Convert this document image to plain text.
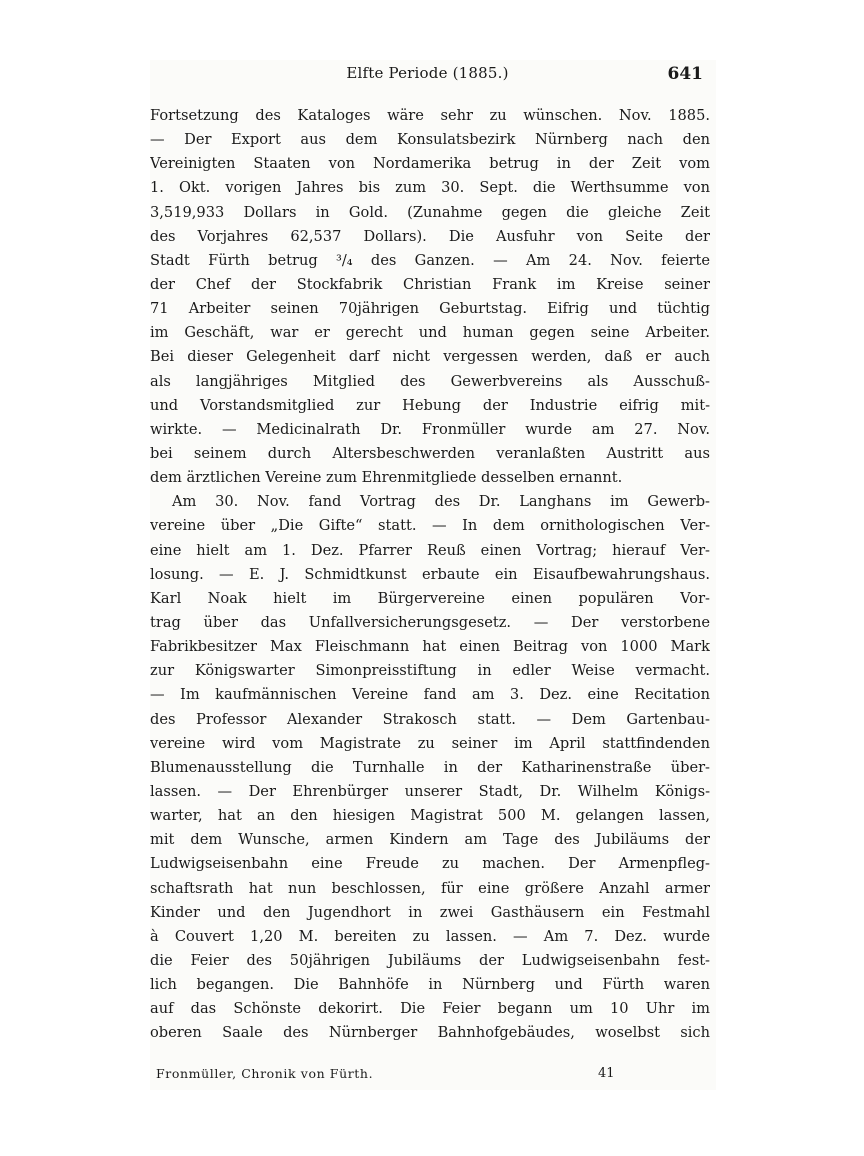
Elfte Periode (1885.)	641
Fortsetzung des Kataloges wäre sehr zu wünschen. Nov. 1885.
— Der Export aus dem Konsulatsbezirk Nürnberg nach den
Vereinigten Staaten von Nordamerika betrug in der Zeit vom
1. Okt. vorigen Jahres bis zum 30. Sept. die Werthsumme von
3,519,933 Dollars in Gold. (Zunahme gegen die gleiche Zeit
des Vorjahres 62,537 Dollars). Die Ausfuhr von Seite der
Stadt Fürth betrug ³/₄ des Ganzen. — Am 24. Nov. feierte
der Chef der Stockfabrik Christian Frank im Kreise seiner
71 Arbeiter seinen 70jährigen Geburtstag. Eifrig und tüchtig
im Geschäft, war er gerecht und human gegen seine Arbeiter.
Bei dieser Gelegenheit darf nicht vergessen werden, daß er auch
als langjähriges Mitglied des Gewerbvereins als Ausschuß-
und Vorstandsmitglied zur Hebung der Industrie eifrig mit-
wirkte. — Medicinalrath Dr. Fronmüller wurde am 27. Nov.
bei seinem durch Altersbeschwerden veranlaßten Austritt aus
dem ärztlichen Vereine zum Ehrenmitgliede desselben ernannt.
Am 30. Nov. fand Vortrag des Dr. Langhans im Gewerb-
vereine über „Die Gifte“ statt. — In dem ornithologischen Ver-
eine hielt am 1. Dez. Pfarrer Reuß einen Vortrag; hierauf Ver-
losung. — E. J. Schmidtkunst erbaute ein Eisaufbewahrungshaus.
Karl Noak hielt im Bürgervereine einen populären Vor-
trag über das Unfallversicherungsgesetz. — Der verstorbene
Fabrikbesitzer Max Fleischmann hat einen Beitrag von 1000 Mark
zur Königswarter Simonpreisstiftung in edler Weise vermacht.
— Im kaufmännischen Vereine fand am 3. Dez. eine Recitation
des Professor Alexander Strakosch statt. — Dem Gartenbau-
vereine wird vom Magistrate zu seiner im April stattfindenden
Blumenausstellung die Turnhalle in der Katharinenstraße über-
lassen. — Der Ehrenbürger unserer Stadt, Dr. Wilhelm Königs-
warter, hat an den hiesigen Magistrat 500 M. gelangen lassen,
mit dem Wunsche, armen Kindern am Tage des Jubiläums der
Ludwigseisenbahn eine Freude zu machen. Der Armenpfleg-
schaftsrath hat nun beschlossen, für eine größere Anzahl armer
Kinder und den Jugendhort in zwei Gasthäusern ein Festmahl
à Couvert 1,20 M. bereiten zu lassen. — Am 7. Dez. wurde
die Feier des 50jährigen Jubiläums der Ludwigseisenbahn fest-
lich begangen. Die Bahnhöfe in Nürnberg und Fürth waren
auf das Schönste dekorirt. Die Feier begann um 10 Uhr im
oberen Saale des Nürnberger Bahnhofgebäudes, woselbst sich
Fronmüller, Chronik von Fürth.	41
